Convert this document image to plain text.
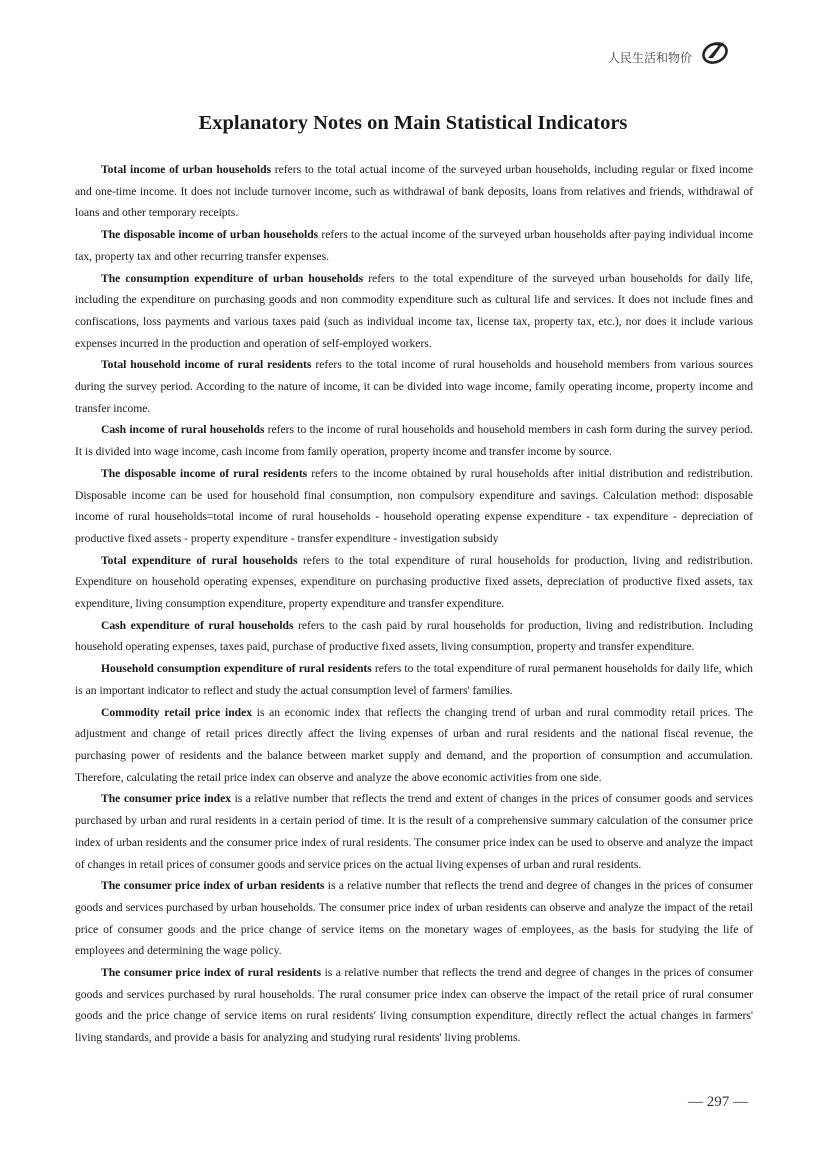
人民生活和物价
Explanatory Notes on Main Statistical Indicators

Total income of urban households refers to the total actual income of the surveyed urban households, including regular or fixed income and one-time income. It does not include turnover income, such as withdrawal of bank deposits, loans from relatives and friends, withdrawal of loans and other temporary receipts.

The disposable income of urban households refers to the actual income of the surveyed urban households after paying individual income tax, property tax and other recurring transfer expenses.

The consumption expenditure of urban households refers to the total expenditure of the surveyed urban households for daily life, including the expenditure on purchasing goods and non commodity expenditure such as cultural life and services. It does not include fines and confiscations, loss payments and various taxes paid (such as individual income tax, license tax, property tax, etc.), nor does it include various expenses incurred in the production and operation of self-employed workers.

Total household income of rural residents refers to the total income of rural households and household members from various sources during the survey period. According to the nature of income, it can be divided into wage income, family operating income, property income and transfer income.

Cash income of rural households refers to the income of rural households and household members in cash form during the survey period. It is divided into wage income, cash income from family operation, property income and transfer income by source.

The disposable income of rural residents refers to the income obtained by rural households after initial distribution and redistribution. Disposable income can be used for household final consumption, non compulsory expenditure and savings. Calculation method: disposable income of rural households=total income of rural households - household operating expense expenditure - tax expenditure - depreciation of productive fixed assets - property expenditure - transfer expenditure - investigation subsidy

Total expenditure of rural households refers to the total expenditure of rural households for production, living and redistribution. Expenditure on household operating expenses, expenditure on purchasing productive fixed assets, depreciation of productive fixed assets, tax expenditure, living consumption expenditure, property expenditure and transfer expenditure.

Cash expenditure of rural households refers to the cash paid by rural households for production, living and redistribution. Including household operating expenses, taxes paid, purchase of productive fixed assets, living consumption, property and transfer expenditure.

Household consumption expenditure of rural residents refers to the total expenditure of rural permanent households for daily life, which is an important indicator to reflect and study the actual consumption level of farmers' families.

Commodity retail price index is an economic index that reflects the changing trend of urban and rural commodity retail prices. The adjustment and change of retail prices directly affect the living expenses of urban and rural residents and the national fiscal revenue, the purchasing power of residents and the balance between market supply and demand, and the proportion of consumption and accumulation. Therefore, calculating the retail price index can observe and analyze the above economic activities from one side.

The consumer price index is a relative number that reflects the trend and extent of changes in the prices of consumer goods and services purchased by urban and rural residents in a certain period of time. It is the result of a comprehensive summary calculation of the consumer price index of urban residents and the consumer price index of rural residents. The consumer price index can be used to observe and analyze the impact of changes in retail prices of consumer goods and service prices on the actual living expenses of urban and rural residents.

The consumer price index of urban residents is a relative number that reflects the trend and degree of changes in the prices of consumer goods and services purchased by urban households. The consumer price index of urban residents can observe and analyze the impact of the retail price of consumer goods and the price change of service items on the monetary wages of employees, as the basis for studying the life of employees and determining the wage policy.

The consumer price index of rural residents is a relative number that reflects the trend and degree of changes in the prices of consumer goods and services purchased by rural households. The rural consumer price index can observe the impact of the retail price of rural consumer goods and the price change of service items on rural residents' living consumption expenditure, directly reflect the actual changes in farmers' living standards, and provide a basis for analyzing and studying rural residents' living problems.

— 297 —
